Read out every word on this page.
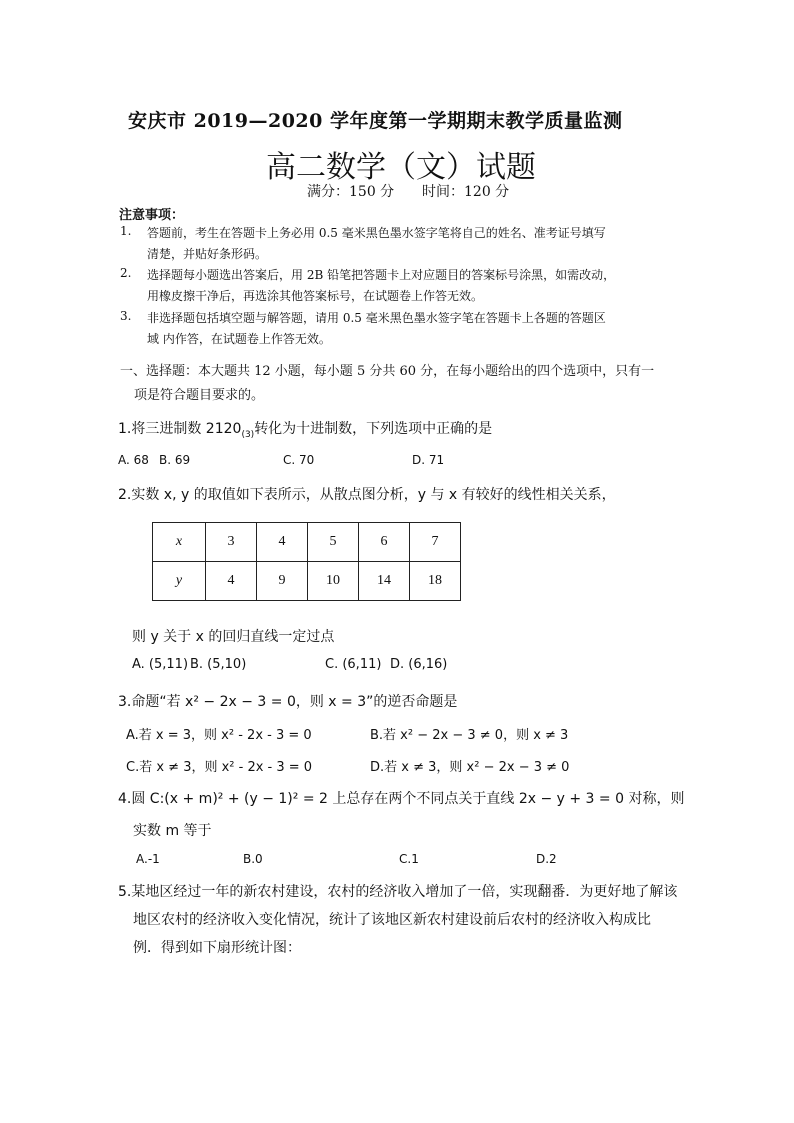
安庆市 2019—2020 学年度第一学期期末教学质量监测
高二数学（文）试题
满分：150 分 时间：120 分
注意事项：
1. 答题前，考生在答题卡上务必用 0.5 毫米黑色墨水签字笔将自己的姓名、准考证号填写
清楚，并贴好条形码。
2. 选择题每小题选出答案后，用 2B 铅笔把答题卡上对应题目的答案标号涂黑，如需改动，
用橡皮擦干净后，再选涂其他答案标号，在试题卷上作答无效。
3. 非选择题包括填空题与解答题，请用 0.5 毫米黑色墨水签字笔在答题卡上各题的答题区
域 内作答，在试题卷上作答无效。
一、选择题：本大题共 12 小题，每小题 5 分共 60 分，在每小题给出的四个选项中，只有一
项是符合题目要求的。
1.将三进制数 $2120_{(3)}$转化为十进制数，下列选项中正确的是
A. 68 B. 69	C. 70	D. 71
2.实数 x, y 的取值如下表所示，从散点图分析，y 与 x 有较好的线性相关关系，
x	3	4	5	6	7
y	4	9	10	14	18
则 y 关于 x 的回归直线一定过点
A. (5,11) B. (5,10)	C. (6,11) D. (6,16)
3.命题“若 x² − 2x − 3 = 0，则 x = 3”的逆否命题是
A.若 x = 3，则 x² - 2x - 3 = 0	B.若 x² − 2x − 3 ≠ 0，则 x ≠ 3
C.若 x ≠ 3，则 x² - 2x - 3 = 0	D.若 x ≠ 3，则 x² − 2x − 3 ≠ 0
4.圆 C:(x + m)² + (y − 1)² = 2 上总存在两个不同点关于直线 2x − y + 3 = 0 对称，则
实数 m 等于
A.-1	B.0	C.1	D.2
5.某地区经过一年的新农村建设，农村的经济收入增加了一倍，实现翻番．为更好地了解该
地区农村的经济收入变化情况，统计了该地区新农村建设前后农村的经济收入构成比
例．得到如下扇形统计图：
